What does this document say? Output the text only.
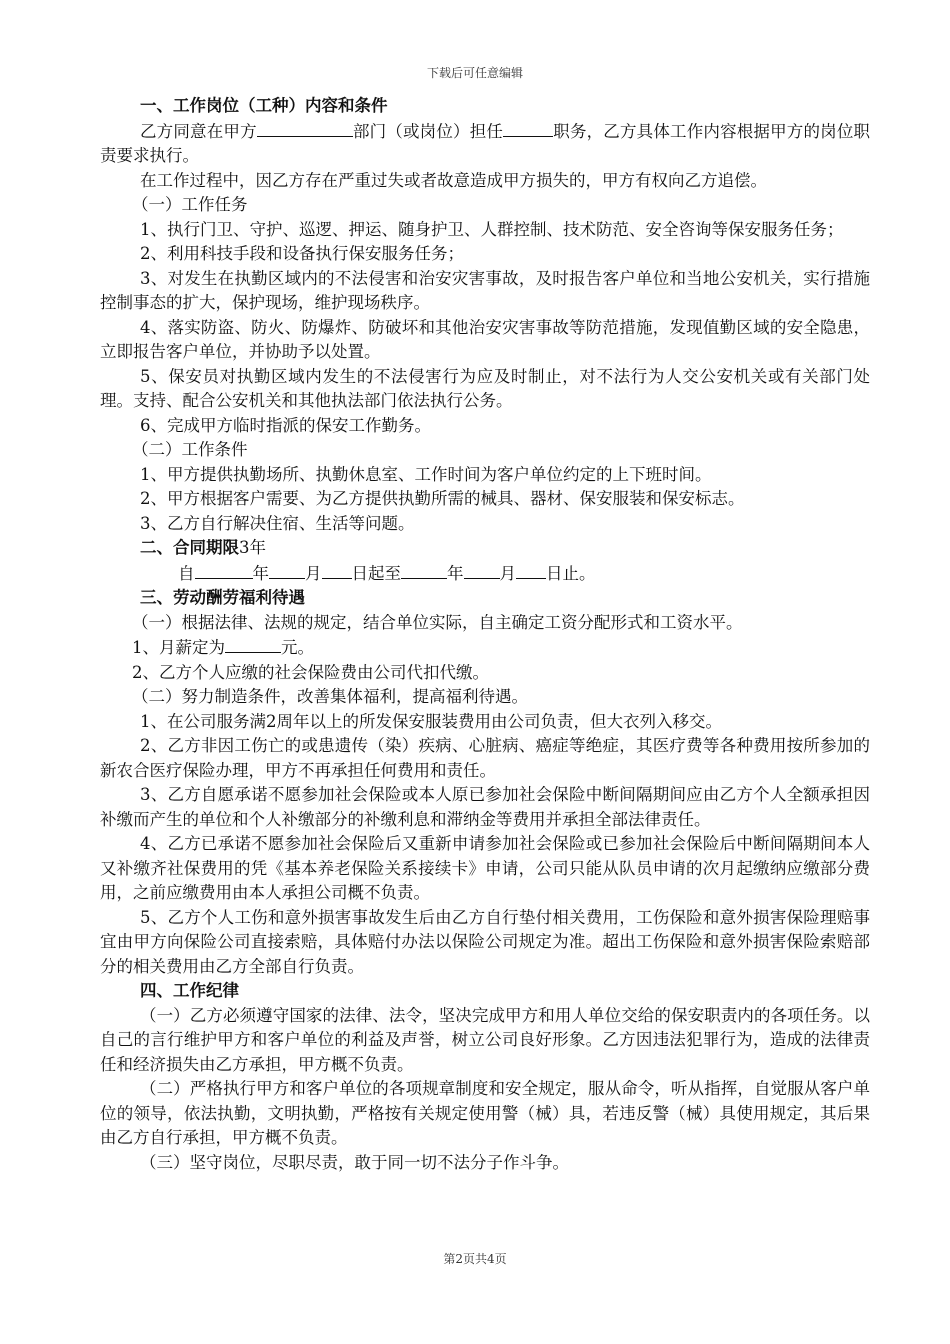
下载后可任意编辑

一、工作岗位（工种）内容和条件

乙方同意在甲方	部门（或岗位）担任	职务，乙方具体工作内容根据甲方的岗位职责要求执行。

在工作过程中，因乙方存在严重过失或者故意造成甲方损失的，甲方有权向乙方追偿。

（一）工作任务

1、执行门卫、守护、巡逻、押运、随身护卫、人群控制、技术防范、安全咨询等保安服务任务；

2、利用科技手段和设备执行保安服务任务；

3、对发生在执勤区域内的不法侵害和治安灾害事故，及时报告客户单位和当地公安机关，实行措施控制事态的扩大，保护现场，维护现场秩序。

4、落实防盗、防火、防爆炸、防破坏和其他治安灾害事故等防范措施，发现值勤区域的安全隐患，立即报告客户单位，并协助予以处置。

5、保安员对执勤区域内发生的不法侵害行为应及时制止，对不法行为人交公安机关或有关部门处理。支持、配合公安机关和其他执法部门依法执行公务。

6、完成甲方临时指派的保安工作勤务。

（二）工作条件

1、甲方提供执勤场所、执勤休息室、工作时间为客户单位约定的上下班时间。

2、甲方根据客户需要、为乙方提供执勤所需的械具、器材、保安服装和保安标志。

3、乙方自行解决住宿、生活等问题。

二、合同期限3年

自	年 月 日起至	年 月 日止。

三、劳动酬劳福利待遇

（一）根据法律、法规的规定，结合单位实际，自主确定工资分配形式和工资水平。

1、月薪定为	元。

2、乙方个人应缴的社会保险费由公司代扣代缴。

（二）努力制造条件，改善集体福利，提高福利待遇。

1、在公司服务满2周年以上的所发保安服装费用由公司负责，但大衣列入移交。

2、乙方非因工伤亡的或患遗传（染）疾病、心脏病、癌症等绝症，其医疗费等各种费用按所参加的新农合医疗保险办理，甲方不再承担任何费用和责任。

3、乙方自愿承诺不愿参加社会保险或本人原已参加社会保险中断间隔期间应由乙方个人全额承担因补缴而产生的单位和个人补缴部分的补缴利息和滞纳金等费用并承担全部法律责任。

4、乙方已承诺不愿参加社会保险后又重新申请参加社会保险或已参加社会保险后中断间隔期间本人又补缴齐社保费用的凭《基本养老保险关系接续卡》申请，公司只能从队员申请的次月起缴纳应缴部分费用，之前应缴费用由本人承担公司概不负责。

5、乙方个人工伤和意外损害事故发生后由乙方自行垫付相关费用，工伤保险和意外损害保险理赔事宜由甲方向保险公司直接索赔，具体赔付办法以保险公司规定为准。超出工伤保险和意外损害保险索赔部分的相关费用由乙方全部自行负责。

四、工作纪律

（一）乙方必须遵守国家的法律、法令，坚决完成甲方和用人单位交给的保安职责内的各项任务。以自己的言行维护甲方和客户单位的利益及声誉，树立公司良好形象。乙方因违法犯罪行为，造成的法律责任和经济损失由乙方承担，甲方概不负责。

（二）严格执行甲方和客户单位的各项规章制度和安全规定，服从命令，听从指挥，自觉服从客户单位的领导，依法执勤，文明执勤，严格按有关规定使用警（械）具，若违反警（械）具使用规定，其后果由乙方自行承担，甲方概不负责。

（三）坚守岗位，尽职尽责，敢于同一切不法分子作斗争。

第2页共4页
